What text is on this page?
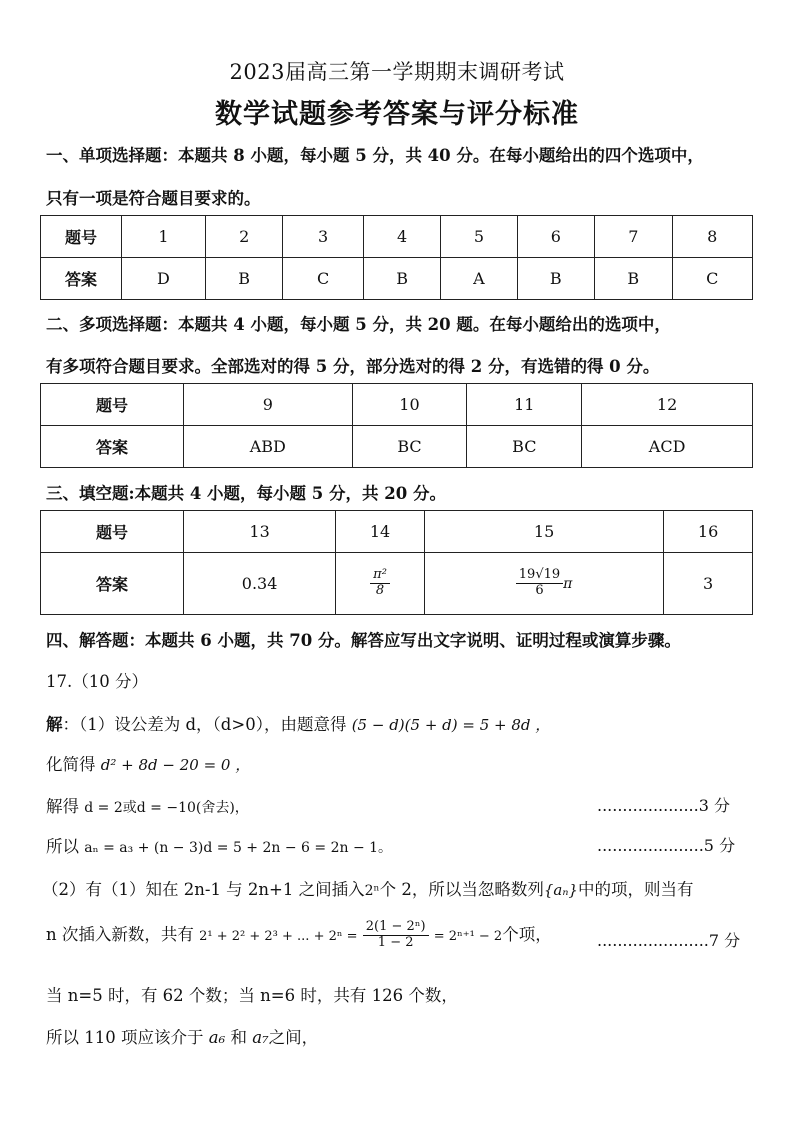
2023届高三第一学期期末调研考试
数学试题参考答案与评分标准
一、单项选择题：本题共 8 小题，每小题 5 分，共 40 分。在每小题给出的四个选项中，
只有一项是符合题目要求的。
题号	1	2	3	4	5	6	7	8
答案	D	B	C	B	A	B	B	C
二、多项选择题：本题共 4 小题，每小题 5 分，共 20 题。在每小题给出的选项中，
有多项符合题目要求。全部选对的得 5 分，部分选对的得 2 分，有选错的得 0 分。
题号	9	10	11	12
答案	ABD	BC	BC	ACD
三、填空题:本题共 4 小题，每小题 5 分，共 20 分。
题号	13	14	15	16
答案	0.34	$\frac{\text{π²}}{8}$	$\frac{19√19}{6}$ π	3
四、解答题：本题共 6 小题，共 70 分。解答应写出文字说明、证明过程或演算步骤。
17.（10 分）
解：（1）设公差为 d，（d>0），由题意得 (5 − d)(5 + d) = 5 + 8d ，
化简得 d² + 8d − 20 = 0 ，
解得 d = 2或d = −10(舍去)，	....................3 分
所以 aₙ = a₃ + (n − 3)d = 5 + 2n − 6 = 2n − 1。	.....................5 分
（2）有（1）知在 2n-1 与 2n+1 之间插入2ⁿ个 2，所以当忽略数列{aₙ}中的项，则当有
n 次插入新数，共有 2¹ + 2² + 2³ + ... + $2^n = \frac{\text{2(1 − 2ⁿ)}}{1 - 2} = 2^{n+1} - 2$个项，	......................7 分
当 n=5 时，有 62 个数；当 n=6 时，共有 126 个数，
所以 110 项应该介于 a₆ 和 a₇之间，
